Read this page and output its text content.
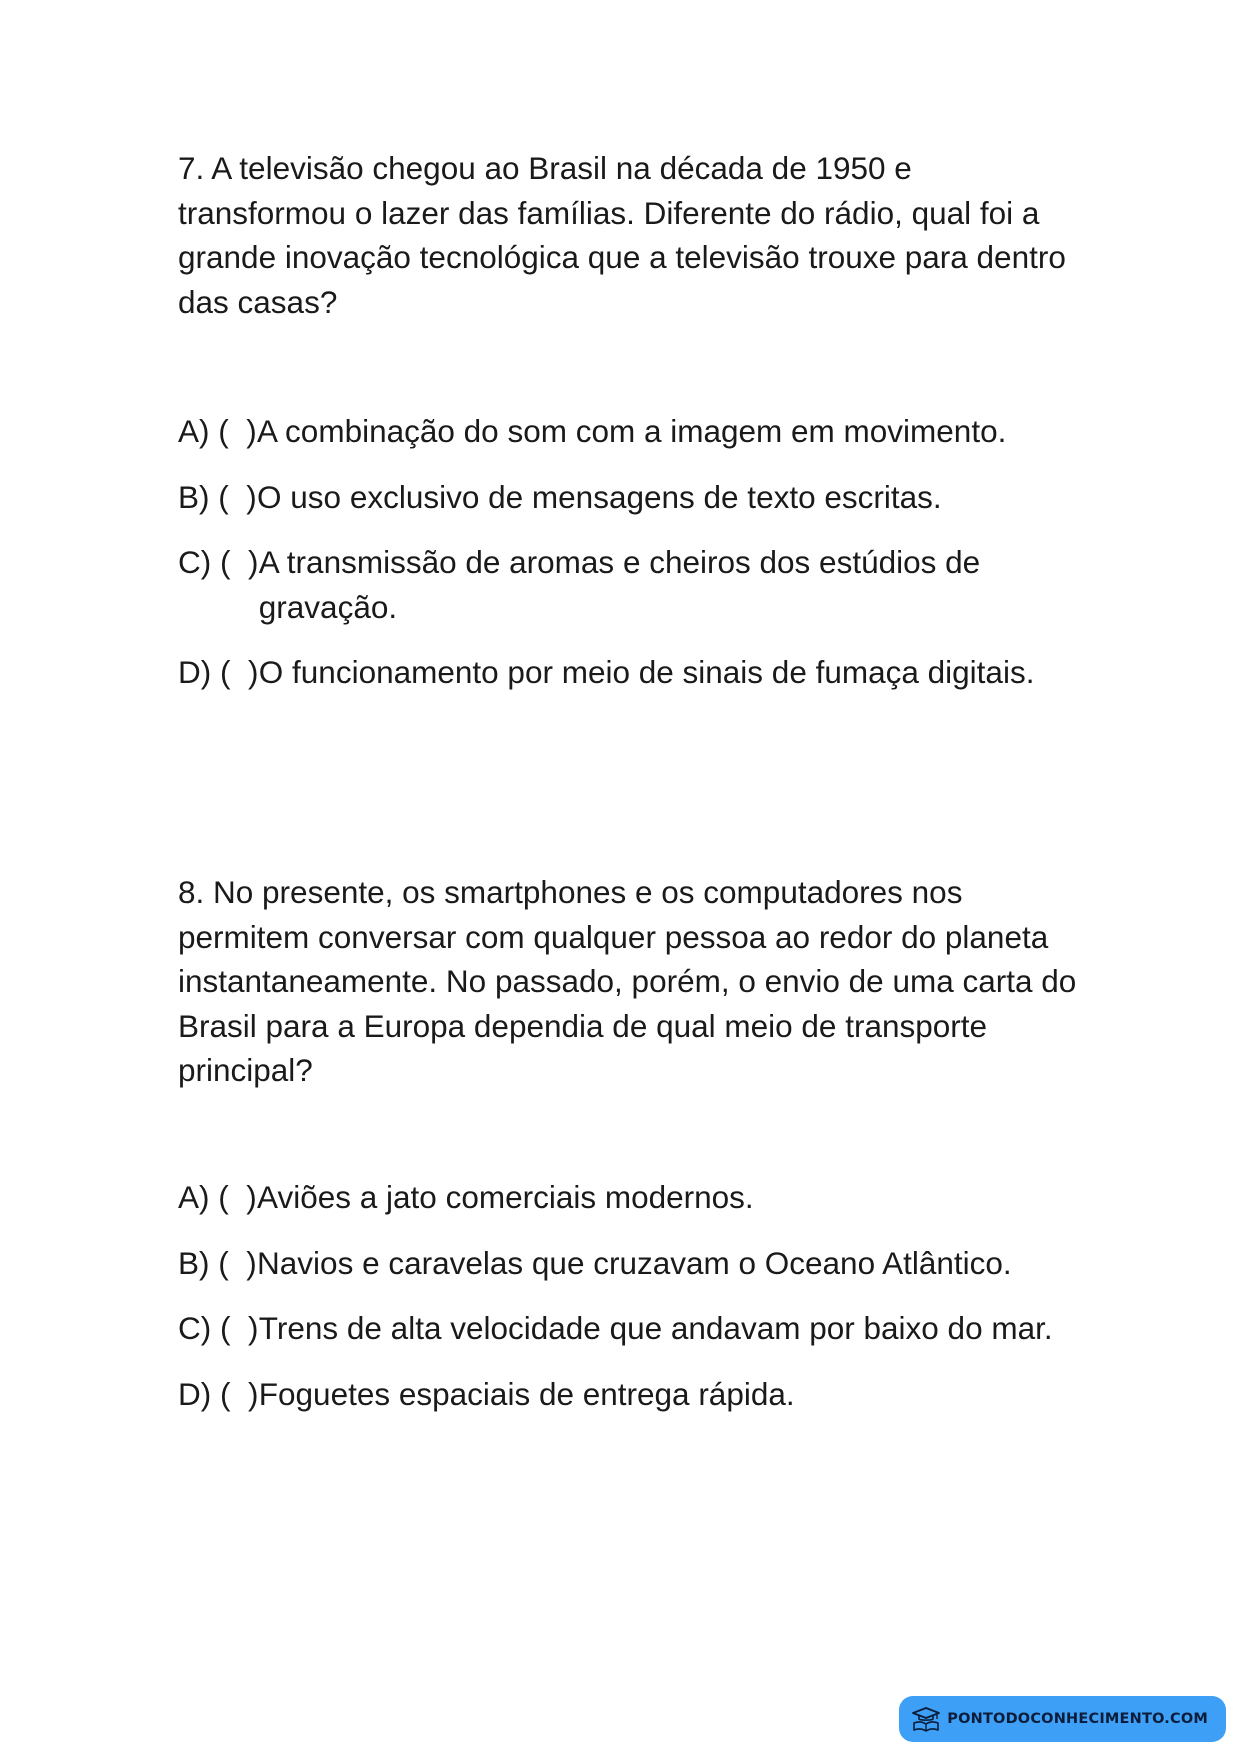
7. A televisão chegou ao Brasil na década de 1950 e transformou o lazer das famílias. Diferente do rádio, qual foi a grande inovação tecnológica que a televisão trouxe para dentro das casas?
A)
(  )
A combinação do som com a imagem em movimento.
B)
(  )
O uso exclusivo de mensagens de texto escritas.
C)
(  )
A transmissão de aromas e cheiros dos estúdios de gravação.
D)
(  )
O funcionamento por meio de sinais de fumaça digitais.
8. No presente, os smartphones e os computadores nos permitem conversar com qualquer pessoa ao redor do planeta instantaneamente. No passado, porém, o envio de uma carta do Brasil para a Europa dependia de qual meio de transporte principal?
A)
(  )
Aviões a jato comerciais modernos.
B)
(  )
Navios e caravelas que cruzavam o Oceano Atlântico.
C)
(  )
Trens de alta velocidade que andavam por baixo do mar.
D)
(  )
Foguetes espaciais de entrega rápida.
PONTODOCONHECIMENTO.COM
